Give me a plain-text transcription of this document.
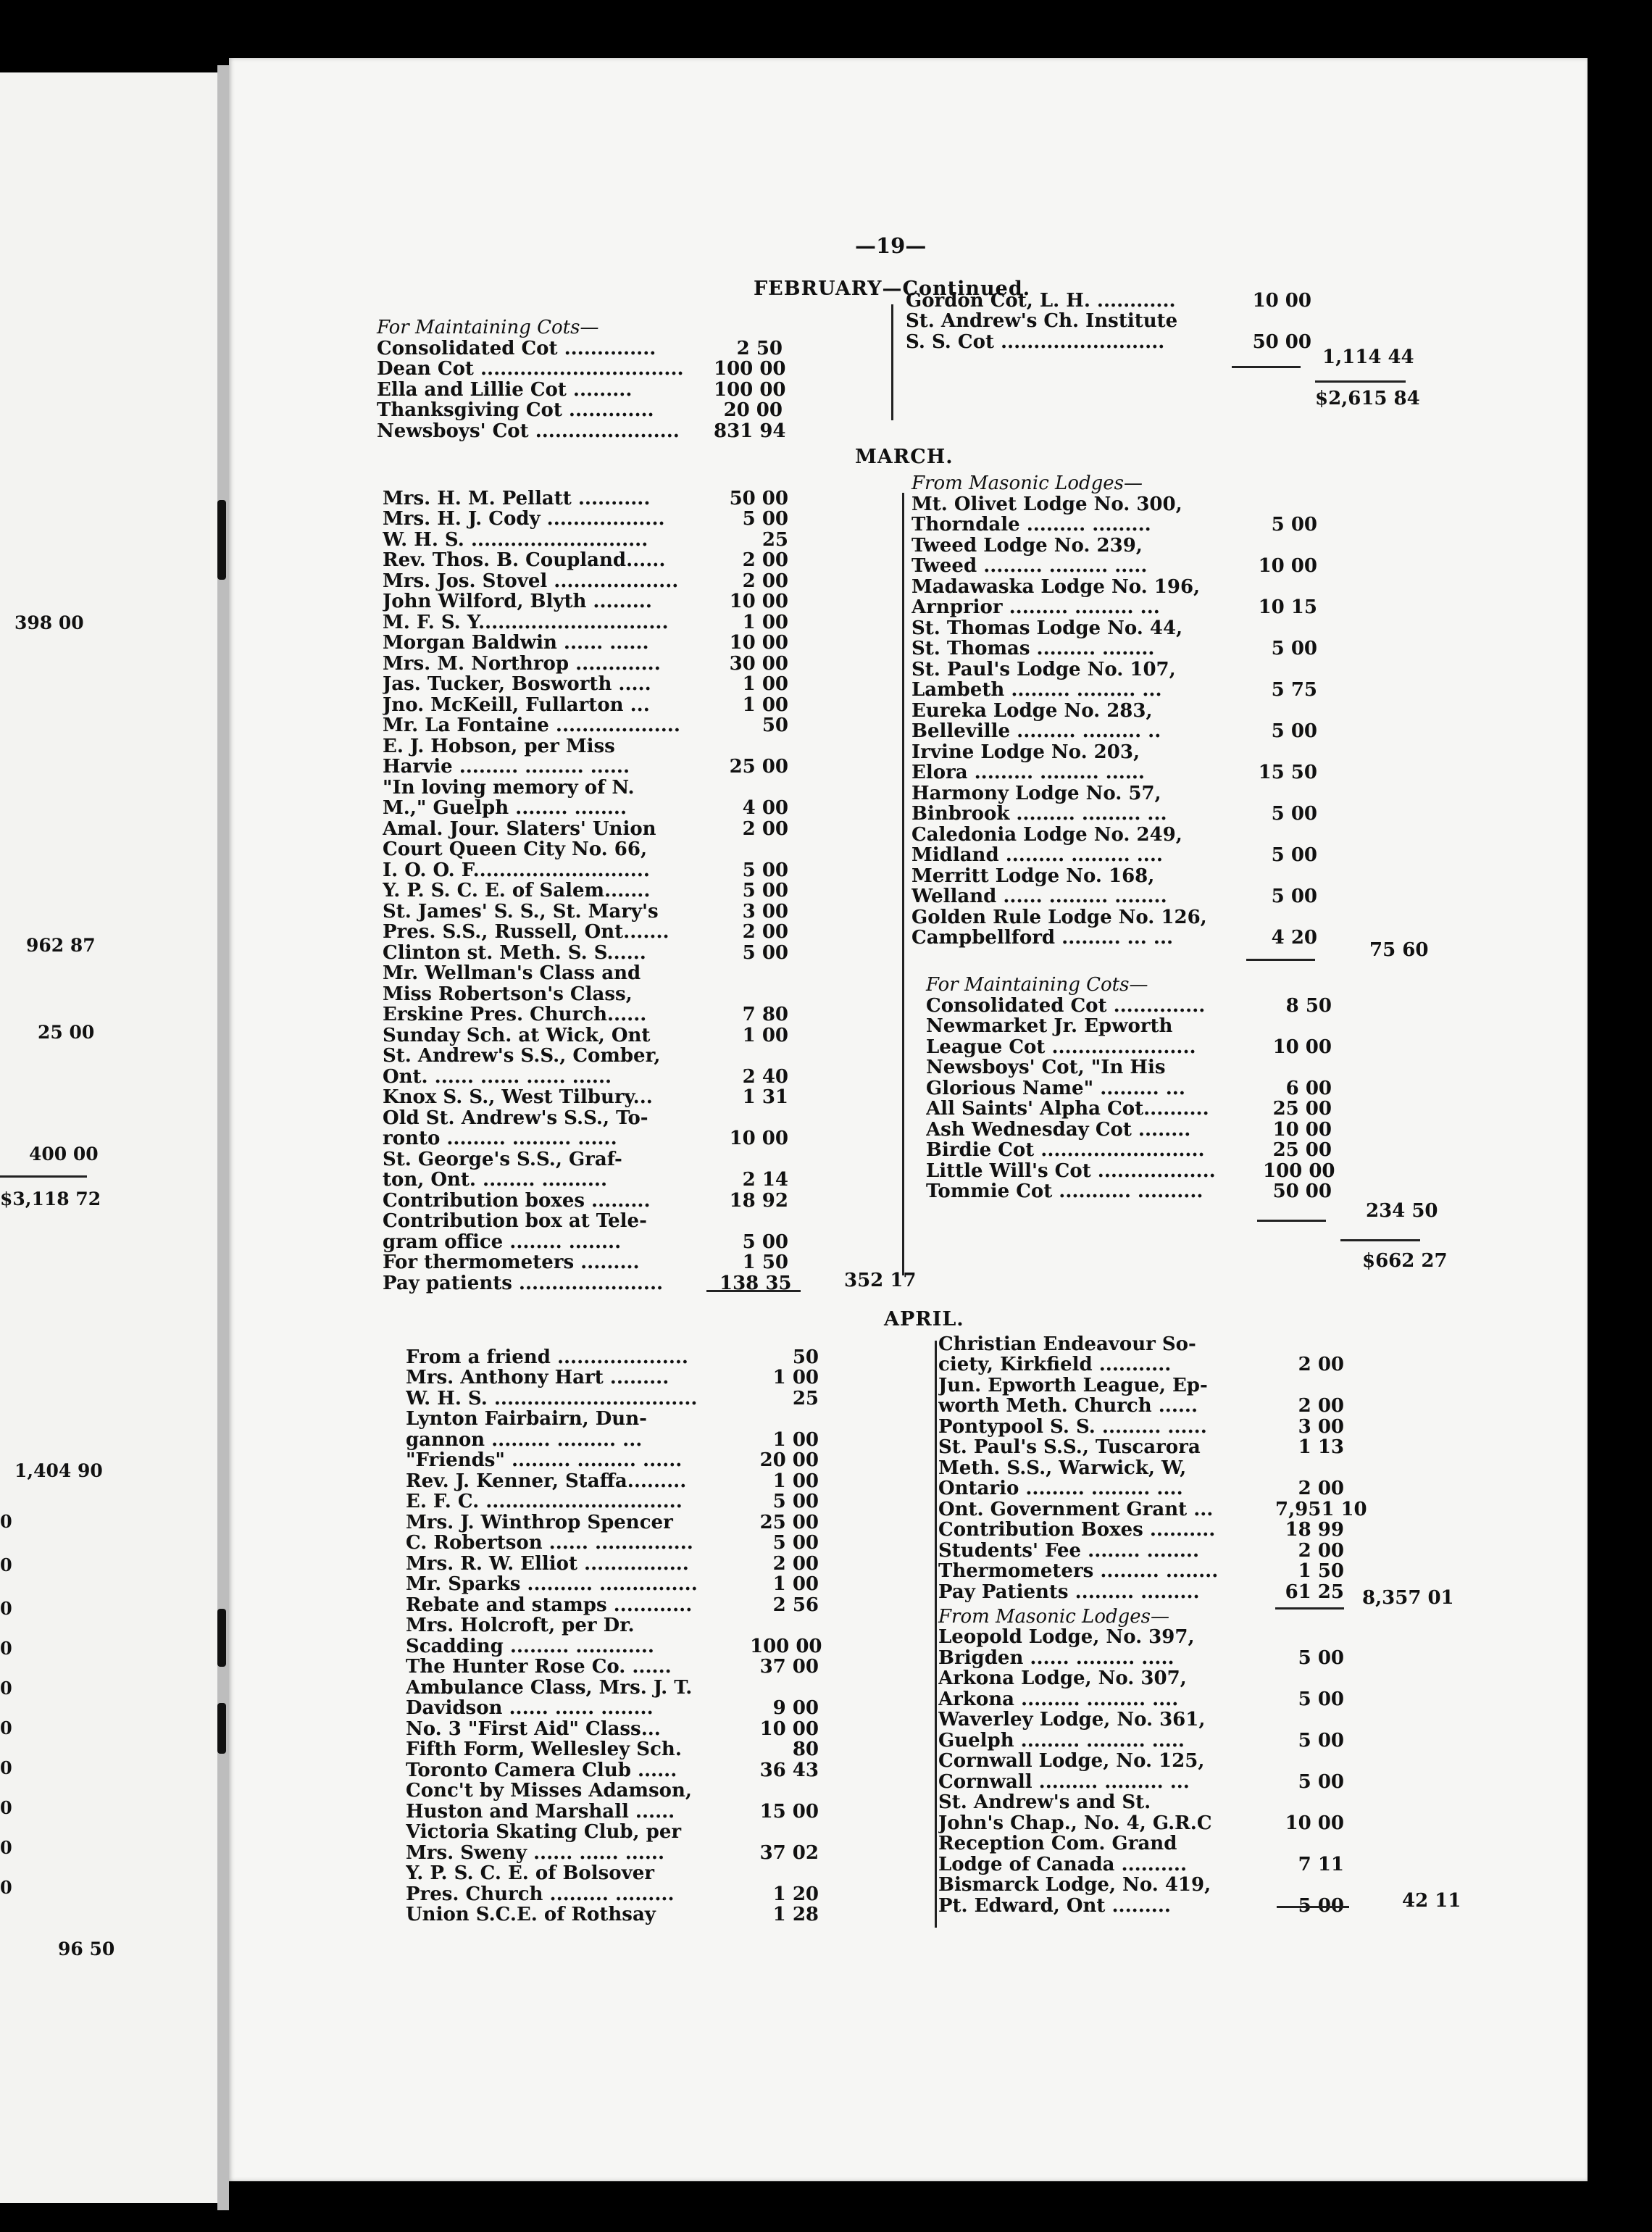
398 00
962 87
25 00
400 00
$3,118 72
1,404 90
96 50
0
0
0
0
0
0
0
0
0
0
—19—
FEBRUARY—Continued.
For Maintaining Cots—
Consolidated Cot ..............	2 50
Dean Cot ...............................	100 00
Ella and Lillie Cot .........	100 00
Thanksgiving Cot .............	20 00
Newsboys' Cot ......................	831 94
Gordon Cot, L. H. ............	10 00
St. Andrew's Ch. Institute
S. S. Cot .........................	50 00
1,114 44
$2,615 84
MARCH.
Mrs. H. M. Pellatt ...........	50 00
Mrs. H. J. Cody ..................	5 00
W. H. S. ...........................	25
Rev. Thos. B. Coupland......	2 00
Mrs. Jos. Stovel ...................	2 00
John Wilford, Blyth .........	10 00
M. F. S. Y.............................	1 00
Morgan Baldwin ...... ......	10 00
Mrs. M. Northrop .............	30 00
Jas. Tucker, Bosworth .....	1 00
Jno. McKeill, Fullarton ...	1 00
Mr. La Fontaine ...................	50
E. J. Hobson, per Miss
Harvie ......... ......... ......	25 00
"In loving memory of N.
M.," Guelph ........ ........	4 00
Amal. Jour. Slaters' Union	2 00
Court Queen City No. 66,
I. O. O. F...........................	5 00
Y. P. S. C. E. of Salem.......	5 00
St. James' S. S., St. Mary's	3 00
Pres. S.S., Russell, Ont.......	2 00
Clinton st. Meth. S. S......	5 00
Mr. Wellman's Class and
Miss Robertson's Class,
Erskine Pres. Church......	7 80
Sunday Sch. at Wick, Ont	1 00
St. Andrew's S.S., Comber,
Ont. ...... ...... ...... ......	2 40
Knox S. S., West Tilbury...	1 31
Old St. Andrew's S.S., To-
ronto ......... ......... ......	10 00
St. George's S.S., Graf-
ton, Ont. ........ ..........	2 14
Contribution boxes .........	18 92
Contribution box at Tele-
gram office ........ ........	5 00
For thermometers .........	1 50
Pay patients ......................	138 35	352 17
From Masonic Lodges—
Mt. Olivet Lodge No. 300,
Thorndale ......... .........	5 00
Tweed Lodge No. 239,
Tweed ......... ......... .....	10 00
Madawaska Lodge No. 196,
Arnprior ......... ......... ...	10 15
St. Thomas Lodge No. 44,
St. Thomas ......... ........	5 00
St. Paul's Lodge No. 107,
Lambeth ......... ......... ...	5 75
Eureka Lodge No. 283,
Belleville ......... ......... ..	5 00
Irvine Lodge No. 203,
Elora ......... ......... ......	15 50
Harmony Lodge No. 57,
Binbrook ......... ......... ...	5 00
Caledonia Lodge No. 249,
Midland ......... ......... ....	5 00
Merritt Lodge No. 168,
Welland ...... ......... ........	5 00
Golden Rule Lodge No. 126,
Campbellford ......... ... ...	4 20
75 60
For Maintaining Cots—
Consolidated Cot ..............	8 50
Newmarket Jr. Epworth
League Cot ......................	10 00
Newsboys' Cot, "In His
Glorious Name" ......... ...	6 00
All Saints' Alpha Cot..........	25 00
Ash Wednesday Cot ........	10 00
Birdie Cot .........................	25 00
Little Will's Cot ..................	100 00
Tommie Cot ........... ..........	50 00
234 50
$662 27
APRIL.
From a friend ....................	50
Mrs. Anthony Hart .........	1 00
W. H. S. ...............................	25
Lynton Fairbairn, Dun-
gannon ......... ......... ...	1 00
"Friends" ......... ......... ......	20 00
Rev. J. Kenner, Staffa.........	1 00
E. F. C. ..............................	5 00
Mrs. J. Winthrop Spencer	25 00
C. Robertson ...... ...............	5 00
Mrs. R. W. Elliot ................	2 00
Mr. Sparks .......... ...............	1 00
Rebate and stamps ............	2 56
Mrs. Holcroft, per Dr.
Scadding ......... ............	100 00
The Hunter Rose Co. ......	37 00
Ambulance Class, Mrs. J. T.
Davidson ...... ...... ........	9 00
No. 3 "First Aid" Class...	10 00
Fifth Form, Wellesley Sch.	80
Toronto Camera Club ......	36 43
Conc't by Misses Adamson,
Huston and Marshall ......	15 00
Victoria Skating Club, per
Mrs. Sweny ...... ...... ......	37 02
Y. P. S. C. E. of Bolsover
Pres. Church ......... .........	1 20
Union S.C.E. of Rothsay	1 28
Christian Endeavour So-
ciety, Kirkfield ...........	2 00
Jun. Epworth League, Ep-
worth Meth. Church ......	2 00
Pontypool S. S. ......... ......	3 00
St. Paul's S.S., Tuscarora	1 13
Meth. S.S., Warwick, W,
Ontario ......... ......... ....	2 00
Ont. Government Grant ...	7,951 10
Contribution Boxes ..........	18 99
Students' Fee ........ ........	2 00
Thermometers ......... ........	1 50
Pay Patients ......... .........	61 25
From Masonic Lodges—
Leopold Lodge, No. 397,
Brigden ...... ......... .....	5 00
Arkona Lodge, No. 307,
Arkona ......... ......... ....	5 00
Waverley Lodge, No. 361,
Guelph ......... ......... .....	5 00
Cornwall Lodge, No. 125,
Cornwall ......... ......... ...	5 00
St. Andrew's and St.
John's Chap., No. 4, G.R.C	10 00
Reception Com. Grand
Lodge of Canada ..........	7 11
Bismarck Lodge, No. 419,
Pt. Edward, Ont .........	5 00
8,357 01
42 11
